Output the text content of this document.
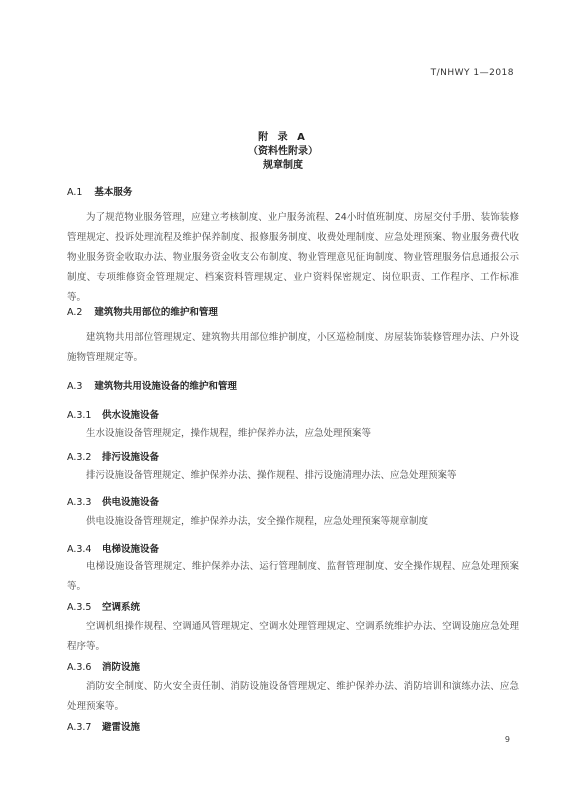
T/NHWY 1—2018
附 录 A
（资料性附录）
规章制度
A.1 基本服务
为了规范物业服务管理，应建立考核制度、业户服务流程、24小时值班制度、房屋交付手册、装饰装修管理规定、投诉处理流程及维护保养制度、报修服务制度、收费处理制度、应急处理预案、物业服务费代收物业服务资金收取办法、物业服务资金收支公布制度、物业管理意见征询制度、物业管理服务信息通报公示制度、专项维修资金管理规定、档案资料管理规定、业户资料保密规定、岗位职责、工作程序、工作标准等。
A.2 建筑物共用部位的维护和管理
建筑物共用部位管理规定、建筑物共用部位维护制度，小区巡检制度、房屋装饰装修管理办法、户外设施物管理规定等。
A.3 建筑物共用设施设备的维护和管理
A.3.1 供水设施设备
生水设施设备管理规定，操作规程，维护保养办法，应急处理预案等
A.3.2 排污设施设备
排污设施设备管理规定、维护保养办法、操作规程、排污设施清理办法、应急处理预案等
A.3.3 供电设施设备
供电设施设备管理规定，维护保养办法，安全操作规程，应急处理预案等规章制度
A.3.4 电梯设施设备
电梯设施设备管理规定、维护保养办法、运行管理制度、监督管理制度、安全操作规程、应急处理预案等。
A.3.5 空调系统
空调机组操作规程、空调通风管理规定、空调水处理管理规定、空调系统维护办法、空调设施应急处理程序等。
A.3.6 消防设施
消防安全制度、防火安全责任制、消防设施设备管理规定、维护保养办法、消防培训和演练办法、应急处理预案等。
A.3.7 避雷设施
9
